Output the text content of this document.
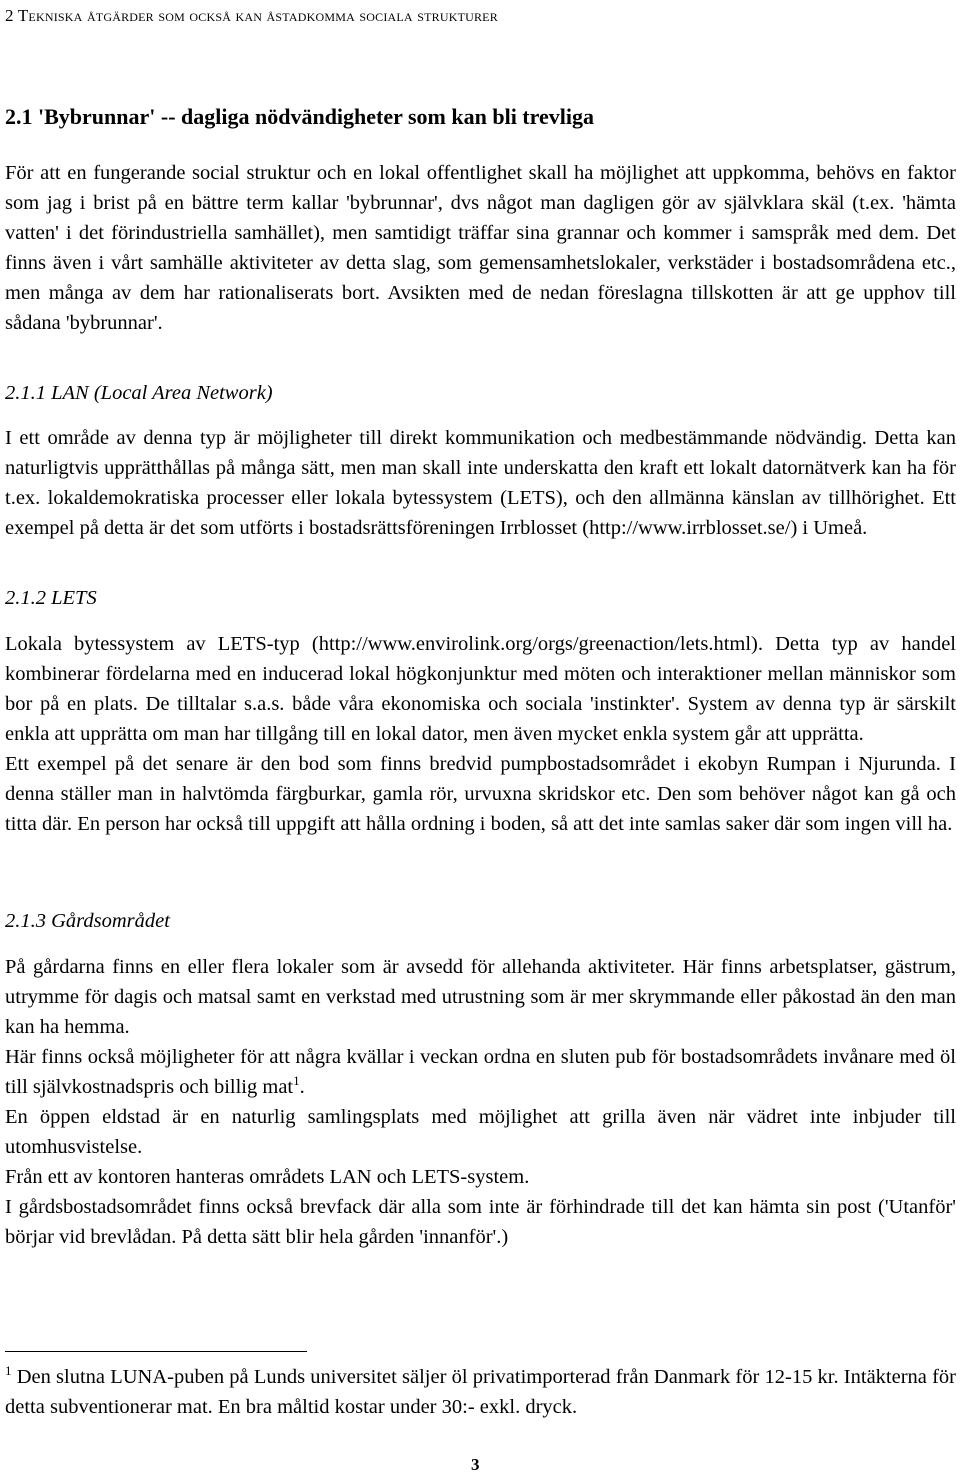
2 Tekniska åtgärder som också kan åstadkomma sociala strukturer
2.1 'Bybrunnar' -- dagliga nödvändigheter som kan bli trevliga

För att en fungerande social struktur och en lokal offentlighet skall ha möjlighet att uppkomma, behövs en faktor som jag i brist på en bättre term kallar 'bybrunnar', dvs något man dagligen gör av självklara skäl (t.ex. 'hämta vatten' i det förindustriella samhället), men samtidigt träffar sina grannar och kommer i samspråk med dem. Det finns även i vårt samhälle aktiviteter av detta slag, som gemensamhetslokaler, verkstäder i bostadsområdena etc., men många av dem har rationaliserats bort. Avsikten med de nedan föreslagna tillskotten är att ge upphov till sådana 'bybrunnar'.

2.1.1 LAN (Local Area Network)

I ett område av denna typ är möjligheter till direkt kommunikation och medbestämmande nödvändig. Detta kan naturligtvis upprätthållas på många sätt, men man skall inte underskatta den kraft ett lokalt datornätverk kan ha för t.ex. lokaldemokratiska processer eller lokala bytessystem (LETS), och den allmänna känslan av tillhörighet. Ett exempel på detta är det som utförts i bostadsrättsföreningen Irrblosset (http://www.irrblosset.se/) i Umeå.

2.1.2 LETS

Lokala bytessystem av LETS-typ (http://www.envirolink.org/orgs/greenaction/lets.html). Detta typ av handel kombinerar fördelarna med en inducerad lokal högkonjunktur med möten och interaktioner mellan människor som bor på en plats. De tilltalar s.a.s. både våra ekonomiska och sociala 'instinkter'. System av denna typ är särskilt enkla att upprätta om man har tillgång till en lokal dator, men även mycket enkla system går att upprätta.

Ett exempel på det senare är den bod som finns bredvid pumpbostadsområdet i ekobyn Rumpan i Njurunda. I denna ställer man in halvtömda färgburkar, gamla rör, urvuxna skridskor etc. Den som behöver något kan gå och titta där. En person har också till uppgift att hålla ordning i boden, så att det inte samlas saker där som ingen vill ha.

2.1.3 Gårdsområdet

På gårdarna finns en eller flera lokaler som är avsedd för allehanda aktiviteter. Här finns arbetsplatser, gästrum, utrymme för dagis och matsal samt en verkstad med utrustning som är mer skrymmande eller påkostad än den man kan ha hemma.

Här finns också möjligheter för att några kvällar i veckan ordna en sluten pub för bostadsområdets invånare med öl till självkostnadspris och billig mat$^1$.

En öppen eldstad är en naturlig samlingsplats med möjlighet att grilla även när vädret inte inbjuder till utomhusvistelse.

Från ett av kontoren hanteras områdets LAN och LETS-system.

I gårdsbostadsområdet finns också brevfack där alla som inte är förhindrade till det kan hämta sin post ('Utanför' börjar vid brevlådan. På detta sätt blir hela gården 'innanför'.)

$^1$ Den slutna LUNA-puben på Lunds universitet säljer öl privatimporterad från Danmark för 12-15 kr. Intäkterna för detta subventionerar mat. En bra måltid kostar under 30:- exkl. dryck.

3
